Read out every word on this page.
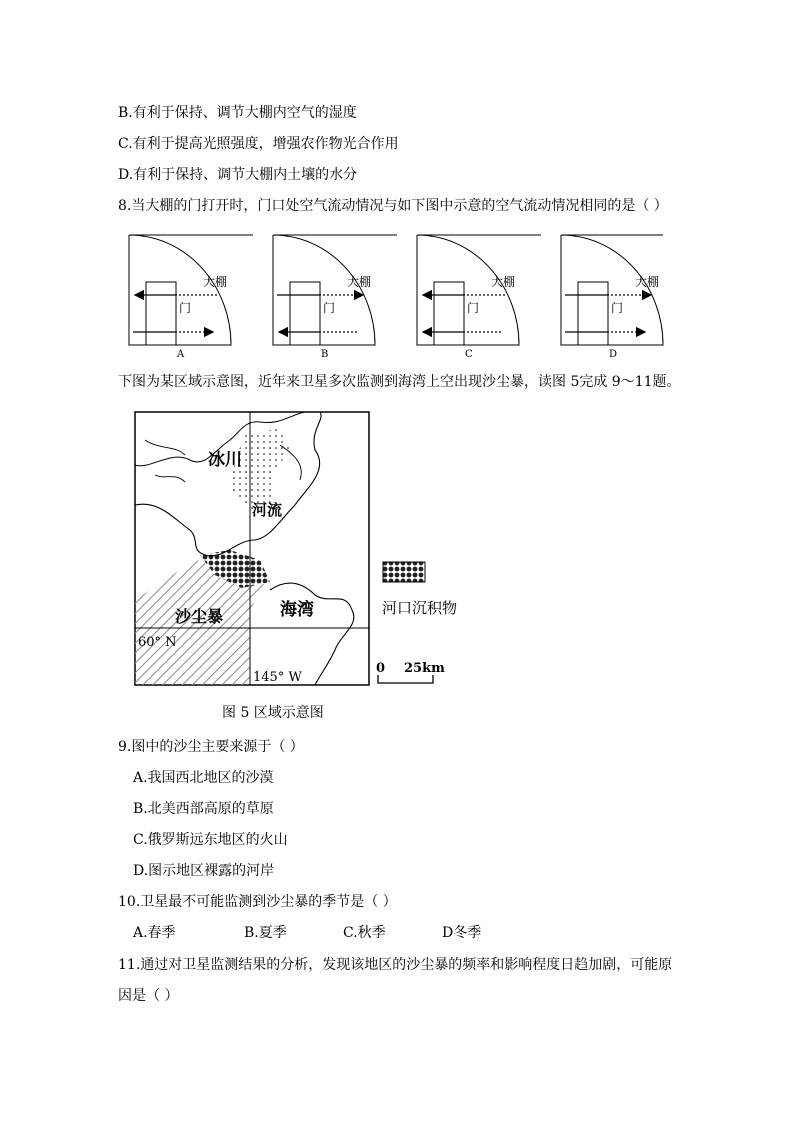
B.有利于保持、调节大棚内空气的湿度
C.有利于提高光照强度，增强农作物光合作用
D.有利于保持、调节大棚内土壤的水分
8.当大棚的门打开时，门口处空气流动情况与如下图中示意的空气流动情况相同的是（ ）
大棚
门
A
大棚
门
B
大棚
门
C
大棚
门
D
下图为某区域示意图，近年来卫星多次监测到海湾上空出现沙尘暴，读图 5完成 9～11题。
冰川
河流
沙尘暴	海湾
60° N
145° W
河口沉积物
0 25km
图 5 区域示意图
9.图中的沙尘主要来源于（ ）
A.我国西北地区的沙漠
B.北美西部高原的草原
C.俄罗斯远东地区的火山
D.图示地区裸露的河岸
10.卫星最不可能监测到沙尘暴的季节是（ ）
A.春季	B.夏季	C.秋季	D冬季
11.通过对卫星监测结果的分析，发现该地区的沙尘暴的频率和影响程度日趋加剧，可能原
因是（ ）
